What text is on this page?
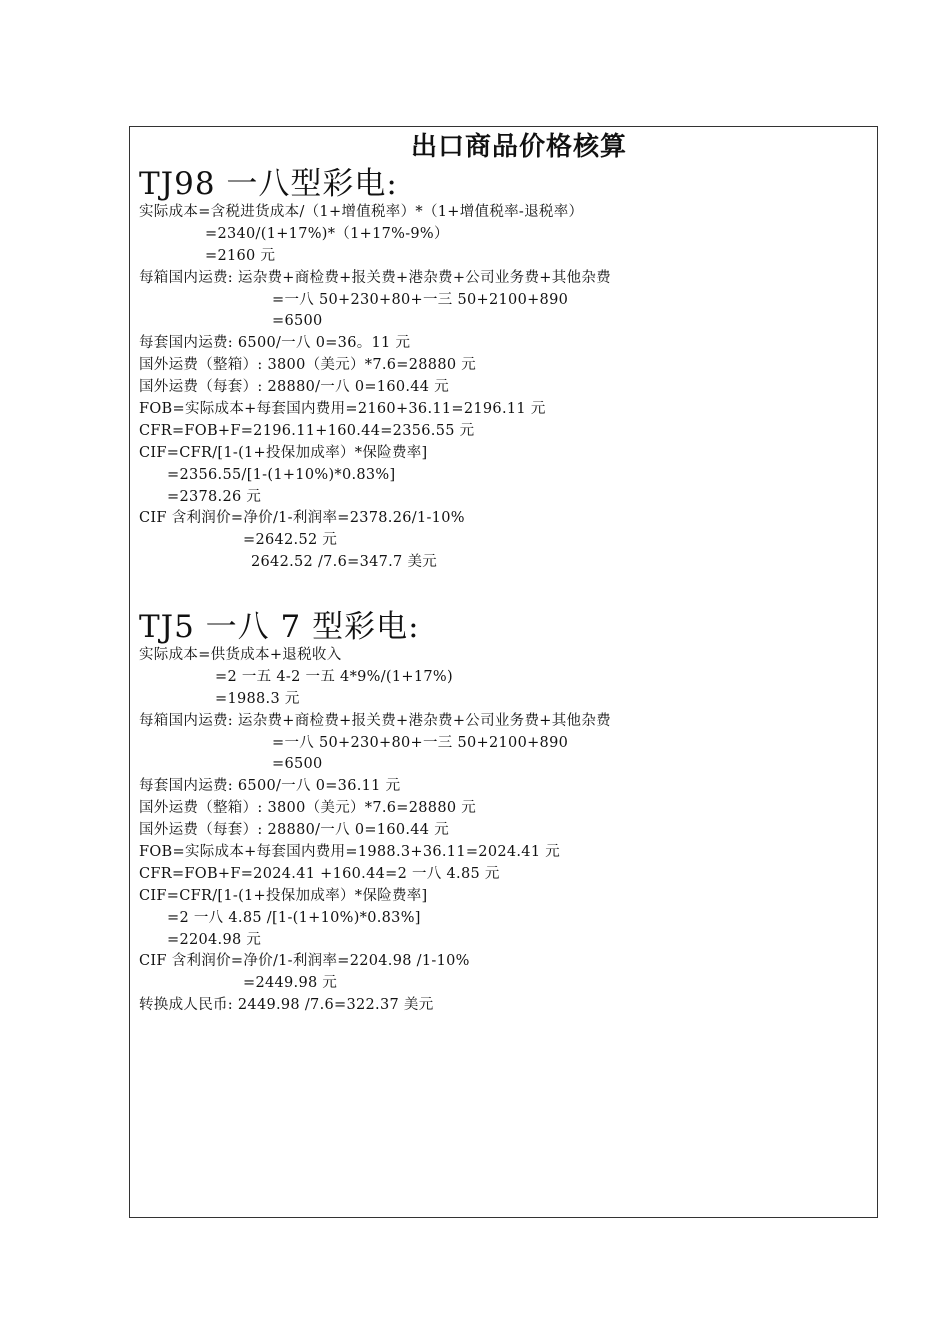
出口商品价格核算
TJ98 一八型彩电:
实际成本=含税进货成本/（1+增值税率）*（1+增值税率-退税率）
=2340/(1+17%)*（1+17%-9%）
=2160 元
每箱国内运费: 运杂费+商检费+报关费+港杂费+公司业务费+其他杂费
=一八 50+230+80+一三 50+2100+890
=6500
每套国内运费: 6500/一八 0=36。11 元
国外运费（整箱）: 3800（美元）*7.6=28880 元
国外运费（每套）: 28880/一八 0=160.44 元
FOB=实际成本+每套国内费用=2160+36.11=2196.11 元
CFR=FOB+F=2196.11+160.44=2356.55 元
CIF=CFR/[1-(1+投保加成率）*保险费率]
=2356.55/[1-(1+10%)*0.83%]
=2378.26 元
CIF 含利润价=净价/1-利润率=2378.26/1-10%
=2642.52 元
2642.52 /7.6=347.7 美元
TJ5 一八 7 型彩电:
实际成本=供货成本+退税收入
=2 一五 4-2 一五 4*9%/(1+17%)
=1988.3 元
每箱国内运费: 运杂费+商检费+报关费+港杂费+公司业务费+其他杂费
=一八 50+230+80+一三 50+2100+890
=6500
每套国内运费: 6500/一八 0=36.11 元
国外运费（整箱）: 3800（美元）*7.6=28880 元
国外运费（每套）: 28880/一八 0=160.44 元
FOB=实际成本+每套国内费用=1988.3+36.11=2024.41 元
CFR=FOB+F=2024.41 +160.44=2 一八 4.85 元
CIF=CFR/[1-(1+投保加成率）*保险费率]
=2 一八 4.85 /[1-(1+10%)*0.83%]
=2204.98 元
CIF 含利润价=净价/1-利润率=2204.98 /1-10%
=2449.98 元
转换成人民币: 2449.98 /7.6=322.37 美元
